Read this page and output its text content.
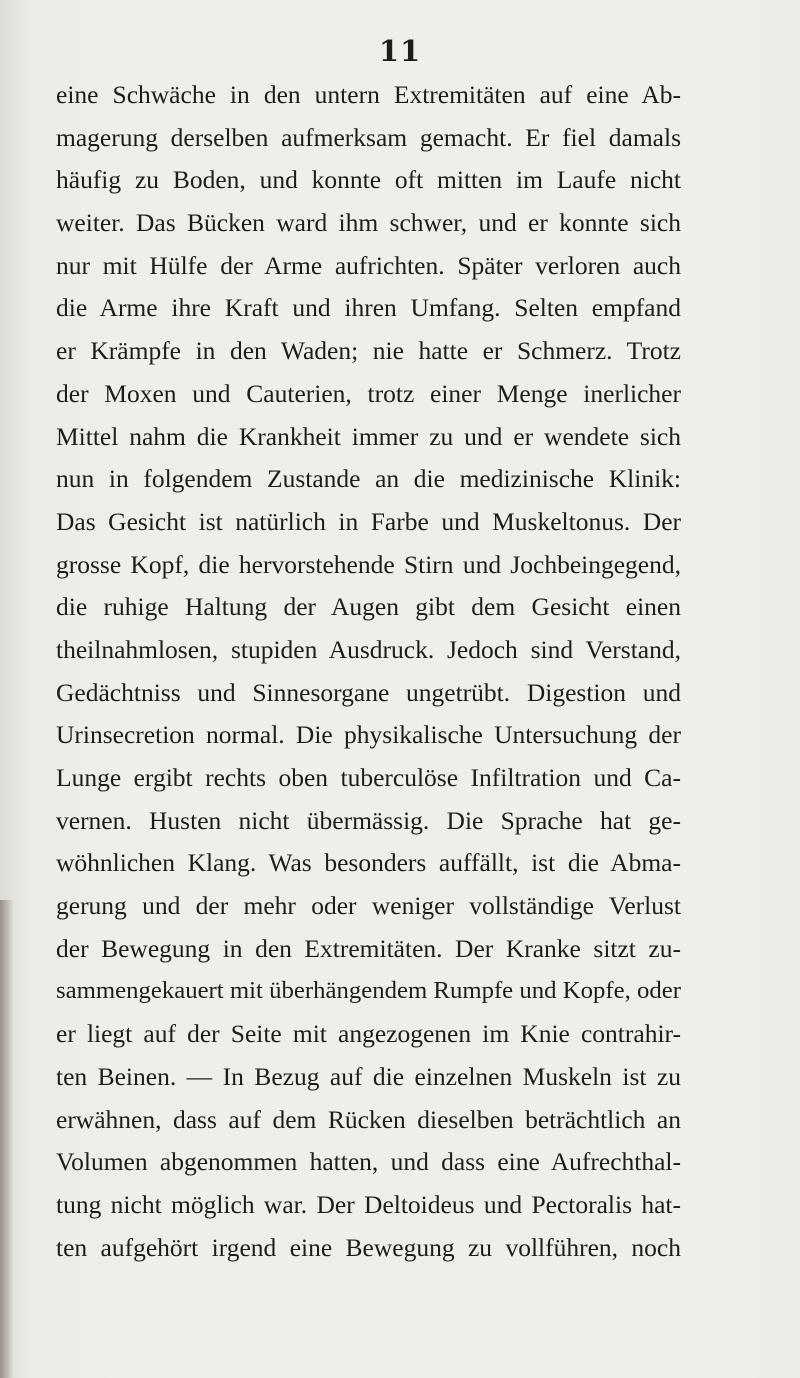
11
eine Schwäche in den untern Extremitäten auf eine Ab-
magerung derselben aufmerksam gemacht. Er fiel damals
häufig zu Boden, und konnte oft mitten im Laufe nicht
weiter. Das Bücken ward ihm schwer, und er konnte sich
nur mit Hülfe der Arme aufrichten. Später verloren auch
die Arme ihre Kraft und ihren Umfang. Selten empfand
er Krämpfe in den Waden; nie hatte er Schmerz. Trotz
der Moxen und Cauterien, trotz einer Menge inerlicher
Mittel nahm die Krankheit immer zu und er wendete sich
nun in folgendem Zustande an die medizinische Klinik:
Das Gesicht ist natürlich in Farbe und Muskeltonus. Der
grosse Kopf, die hervorstehende Stirn und Jochbeingegend,
die ruhige Haltung der Augen gibt dem Gesicht einen
theilnahmlosen, stupiden Ausdruck. Jedoch sind Verstand,
Gedächtniss und Sinnesorgane ungetrübt. Digestion und
Urinsecretion normal. Die physikalische Untersuchung der
Lunge ergibt rechts oben tuberculöse Infiltration und Ca-
vernen. Husten nicht übermässig. Die Sprache hat ge-
wöhnlichen Klang. Was besonders auffällt, ist die Abma-
gerung und der mehr oder weniger vollständige Verlust
der Bewegung in den Extremitäten. Der Kranke sitzt zu-
sammengekauert mit überhängendem Rumpfe und Kopfe, oder
er liegt auf der Seite mit angezogenen im Knie contrahir-
ten Beinen. — In Bezug auf die einzelnen Muskeln ist zu
erwähnen, dass auf dem Rücken dieselben beträchtlich an
Volumen abgenommen hatten, und dass eine Aufrechthal-
tung nicht möglich war. Der Deltoideus und Pectoralis hat-
ten aufgehört irgend eine Bewegung zu vollführen, noch
